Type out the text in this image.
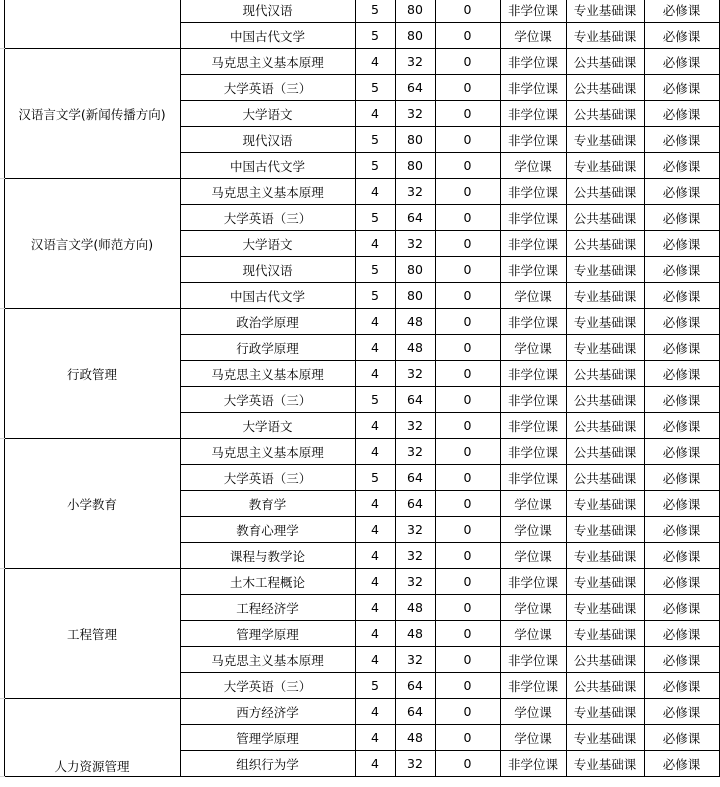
		现代汉语	5	80	0	非学位课	专业基础课	必修课
		中国古代文学	5	80	0	学位课	专业基础课	必修课
	汉语言文学(新闻传播方向)	马克思主义基本原理	4	32	0	非学位课	公共基础课	必修课
		大学英语（三）	5	64	0	非学位课	公共基础课	必修课
		大学语文	4	32	0	非学位课	公共基础课	必修课
		现代汉语	5	80	0	非学位课	专业基础课	必修课
		中国古代文学	5	80	0	学位课	专业基础课	必修课
	汉语言文学(师范方向)	马克思主义基本原理	4	32	0	非学位课	公共基础课	必修课
		大学英语（三）	5	64	0	非学位课	公共基础课	必修课
		大学语文	4	32	0	非学位课	公共基础课	必修课
		现代汉语	5	80	0	非学位课	专业基础课	必修课
		中国古代文学	5	80	0	学位课	专业基础课	必修课
	行政管理	政治学原理	4	48	0	非学位课	专业基础课	必修课
		行政学原理	4	48	0	学位课	专业基础课	必修课
		马克思主义基本原理	4	32	0	非学位课	公共基础课	必修课
		大学英语（三）	5	64	0	非学位课	公共基础课	必修课
		大学语文	4	32	0	非学位课	公共基础课	必修课
	小学教育	马克思主义基本原理	4	32	0	非学位课	公共基础课	必修课
		大学英语（三）	5	64	0	非学位课	公共基础课	必修课
		教育学	4	64	0	学位课	专业基础课	必修课
		教育心理学	4	32	0	学位课	专业基础课	必修课
		课程与教学论	4	32	0	学位课	专业基础课	必修课
	工程管理	土木工程概论	4	32	0	非学位课	专业基础课	必修课
		工程经济学	4	48	0	学位课	专业基础课	必修课
		管理学原理	4	48	0	学位课	专业基础课	必修课
		马克思主义基本原理	4	32	0	非学位课	公共基础课	必修课
		大学英语（三）	5	64	0	非学位课	公共基础课	必修课
	人力资源管理	西方经济学	4	64	0	学位课	专业基础课	必修课
		管理学原理	4	48	0	学位课	专业基础课	必修课
		组织行为学	4	32	0	非学位课	专业基础课	必修课
